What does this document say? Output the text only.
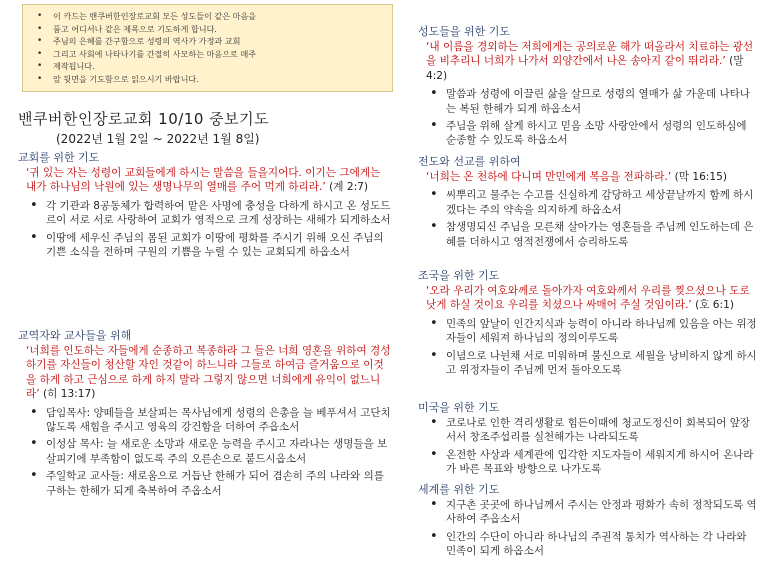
• 이 카드는 밴쿠버한인장로교회 모든 성도들이 같은 마음을
• 품고 어디서나 같은 제목으로 기도하게 합니다.
• 주님의 은혜를 간구함으로 성령의 역사가 가정과 교회
• 그리고 사회에 나타나기를 간절히 사모하는 마음으로 매주
• 제작됩니다.
• 앞 뒷면을 기도함으로 읽으시기 바랍니다.
밴쿠버한인장로교회 10/10 중보기도
(2022년 1월 2일 ~ 2022년 1월 8일)
교회를 위한 기도
‘귀 있는 자는 성령이 교회들에게 하시는 말씀을 들을지어다. 이기는 그에게는 내가 하나님의 낙원에 있는 생명나무의 열매를 주어 먹게 하리라.’ (계 2:7)
• 각 기관과 8공동체가 합력하여 맡은 사명에 충성을 다하게 하시고 온 성도드르이 서로 서로 사랑하여 교회가 영적으로 크게 성장하는 새해가 되게하소서
• 이땅에 세우신 주님의 몸된 교회가 이땅에 평화를 주시기 위해 오신 주님의 기쁜 소식을 전하며 구원의 기쁨을 누릴 수 있는 교회되게 하옵소서
교역자와 교사들을 위해
‘너희를 인도하는 자들에게 순종하고 복종하라 그 들은 너희 영혼을 위하여 경성하기를 자신들이 청산할 자인 것같이 하느니라 그들로 하여금 즐거움으로 이것을 하게 하고 근심으로 하게 하지 말라 그렇지 않으면 너희에게 유익이 없느니라’ (히 13:17)
• 담임목사: 양떼들을 보살피는 목사님에게 성령의 은총을 늘 베푸셔서 고단치 않도록 새힘을 주시고 영육의 강건함을 더하여 주옵소서
• 이성삼 목사: 늘 새로운 소망과 새로운 능력을 주시고 자라나는 생명들을 보살피기에 부족함이 없도록 주의 오른손으로 붙드시옵소서
• 주일학교 교사들: 새로움으로 거듭난 한해가 되어 겸손히 주의 나라와 의를 구하는 한해가 되게 축복하여 주옵소서
성도들을 위한 기도
‘내 이름을 경외하는 저희에게는 공의로운 해가 떠올라서 치료하는 광선을 비추리니 너희가 나가서 외양간에서 나온 송아지 같이 뛰리라.’ (말 4:2)
• 말씀과 성령에 이끌린 삶을 살므로 성령의 열매가 삶 가운데 나타나는 복된 한해가 되게 하옵소서
• 주님을 위해 살게 하시고 믿음 소망 사랑안에서 성령의 인도하심에 순종할 수 있도록 하옵소서
전도와 선교를 위하여
‘너희는 온 천하에 다니며 만민에게 복음을 전파하라.’ (막 16:15)
• 씨뿌리고 물주는 수고를 신실하게 감당하고 세상끝날까지 함께 하시겠다는 주의 약속을 의지하게 하옵소서
• 참생명되신 주님을 모른채 살아가는 영혼들을 주님께 인도하는데 은혜를 더하시고 영적전쟁에서 승리하도록
조국을 위한 기도
‘오라 우리가 여호와께로 돌아가자 여호와께서 우리를 찢으셨으나 도로 낫게 하실 것이요 우리를 치셨으나 싸매어 주실 것임이라.’ (호 6:1)
• 민족의 앞날이 인간지식과 능력이 아니라 하나님께 있음을 아는 위정자들이 세워져 하나님의 정의이루도록
• 이념으로 나뉜채 서로 미워하며 불신으로 세월을 낭비하지 않게 하시고 위정자들이 주님께 먼저 돌아오도록
미국을 위한 기도
• 코로나로 인한 격리생활로 힘든이때에 청교도정신이 회복되어 앞장서서 창조주섭리를 실천해가는 나라되도록
• 온전한 사상과 세계관에 입각한 지도자들이 세워지게 하시어 온나라가 바른 목표와 방향으로 나가도록
세계를 위한 기도
• 지구촌 곳곳에 하나님께서 주시는 안정과 평화가 속히 정착되도록 역사하여 주옵소서
• 인간의 수단이 아니라 하나님의 주권적 통치가 역사하는 각 나라와 민족이 되게 하옵소서
